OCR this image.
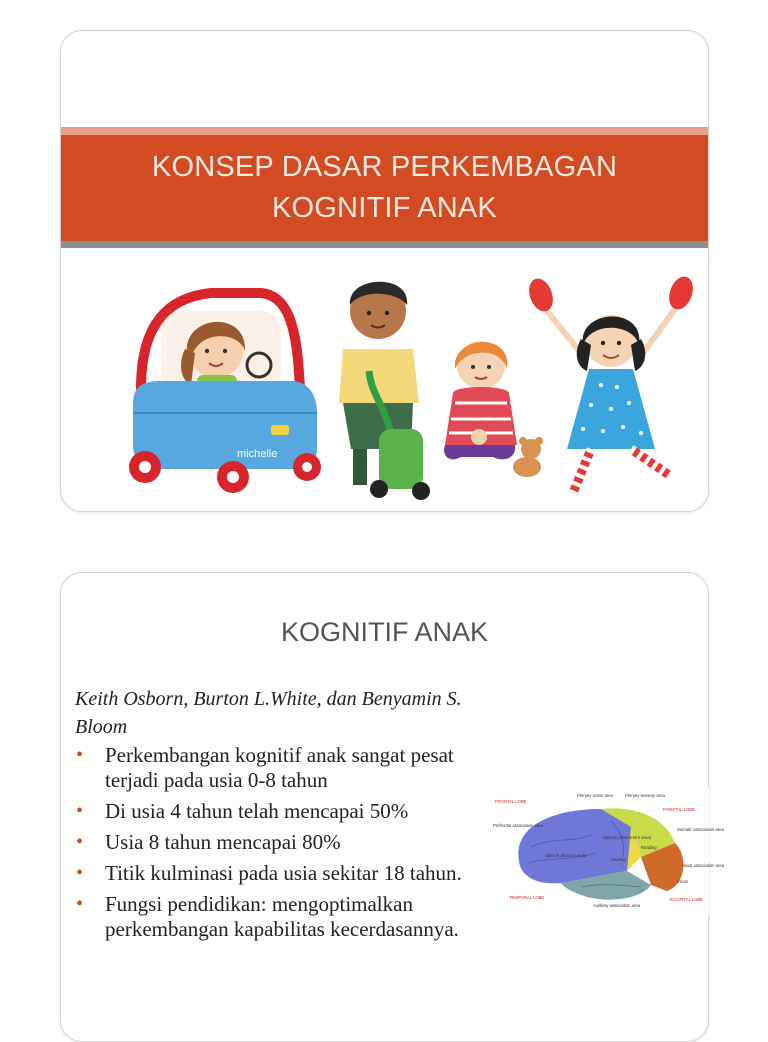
KONSEP DASAR PERKEMBAGAN
KOGNITIF ANAK
michelle
KOGNITIF ANAK
Keith Osborn, Burton L.White, dan Benyamin S. Bloom
• Perkembangan kognitif anak sangat pesat terjadi pada usia 0-8 tahun
• Di usia 4 tahun telah mencapai 50%
• Usia 8 tahun mencapai 80%
• Titik kulminasi pada usia sekitar 18 tahun.
• Fungsi pendidikan: mengoptimalkan perkembangan kapabilitas kecerdasannya.
FRONTAL LOBE
Primary motor area	Primary sensory area
PARIETAL LOBE
Prefrontal association area
Speech (Wernicke's area)
Reading
Somatic association area
Speech (Broca's area)
Hearing
Visual association area
Vision
TEMPORAL LOBE
Auditory association area
OCCIPITAL LOBE
